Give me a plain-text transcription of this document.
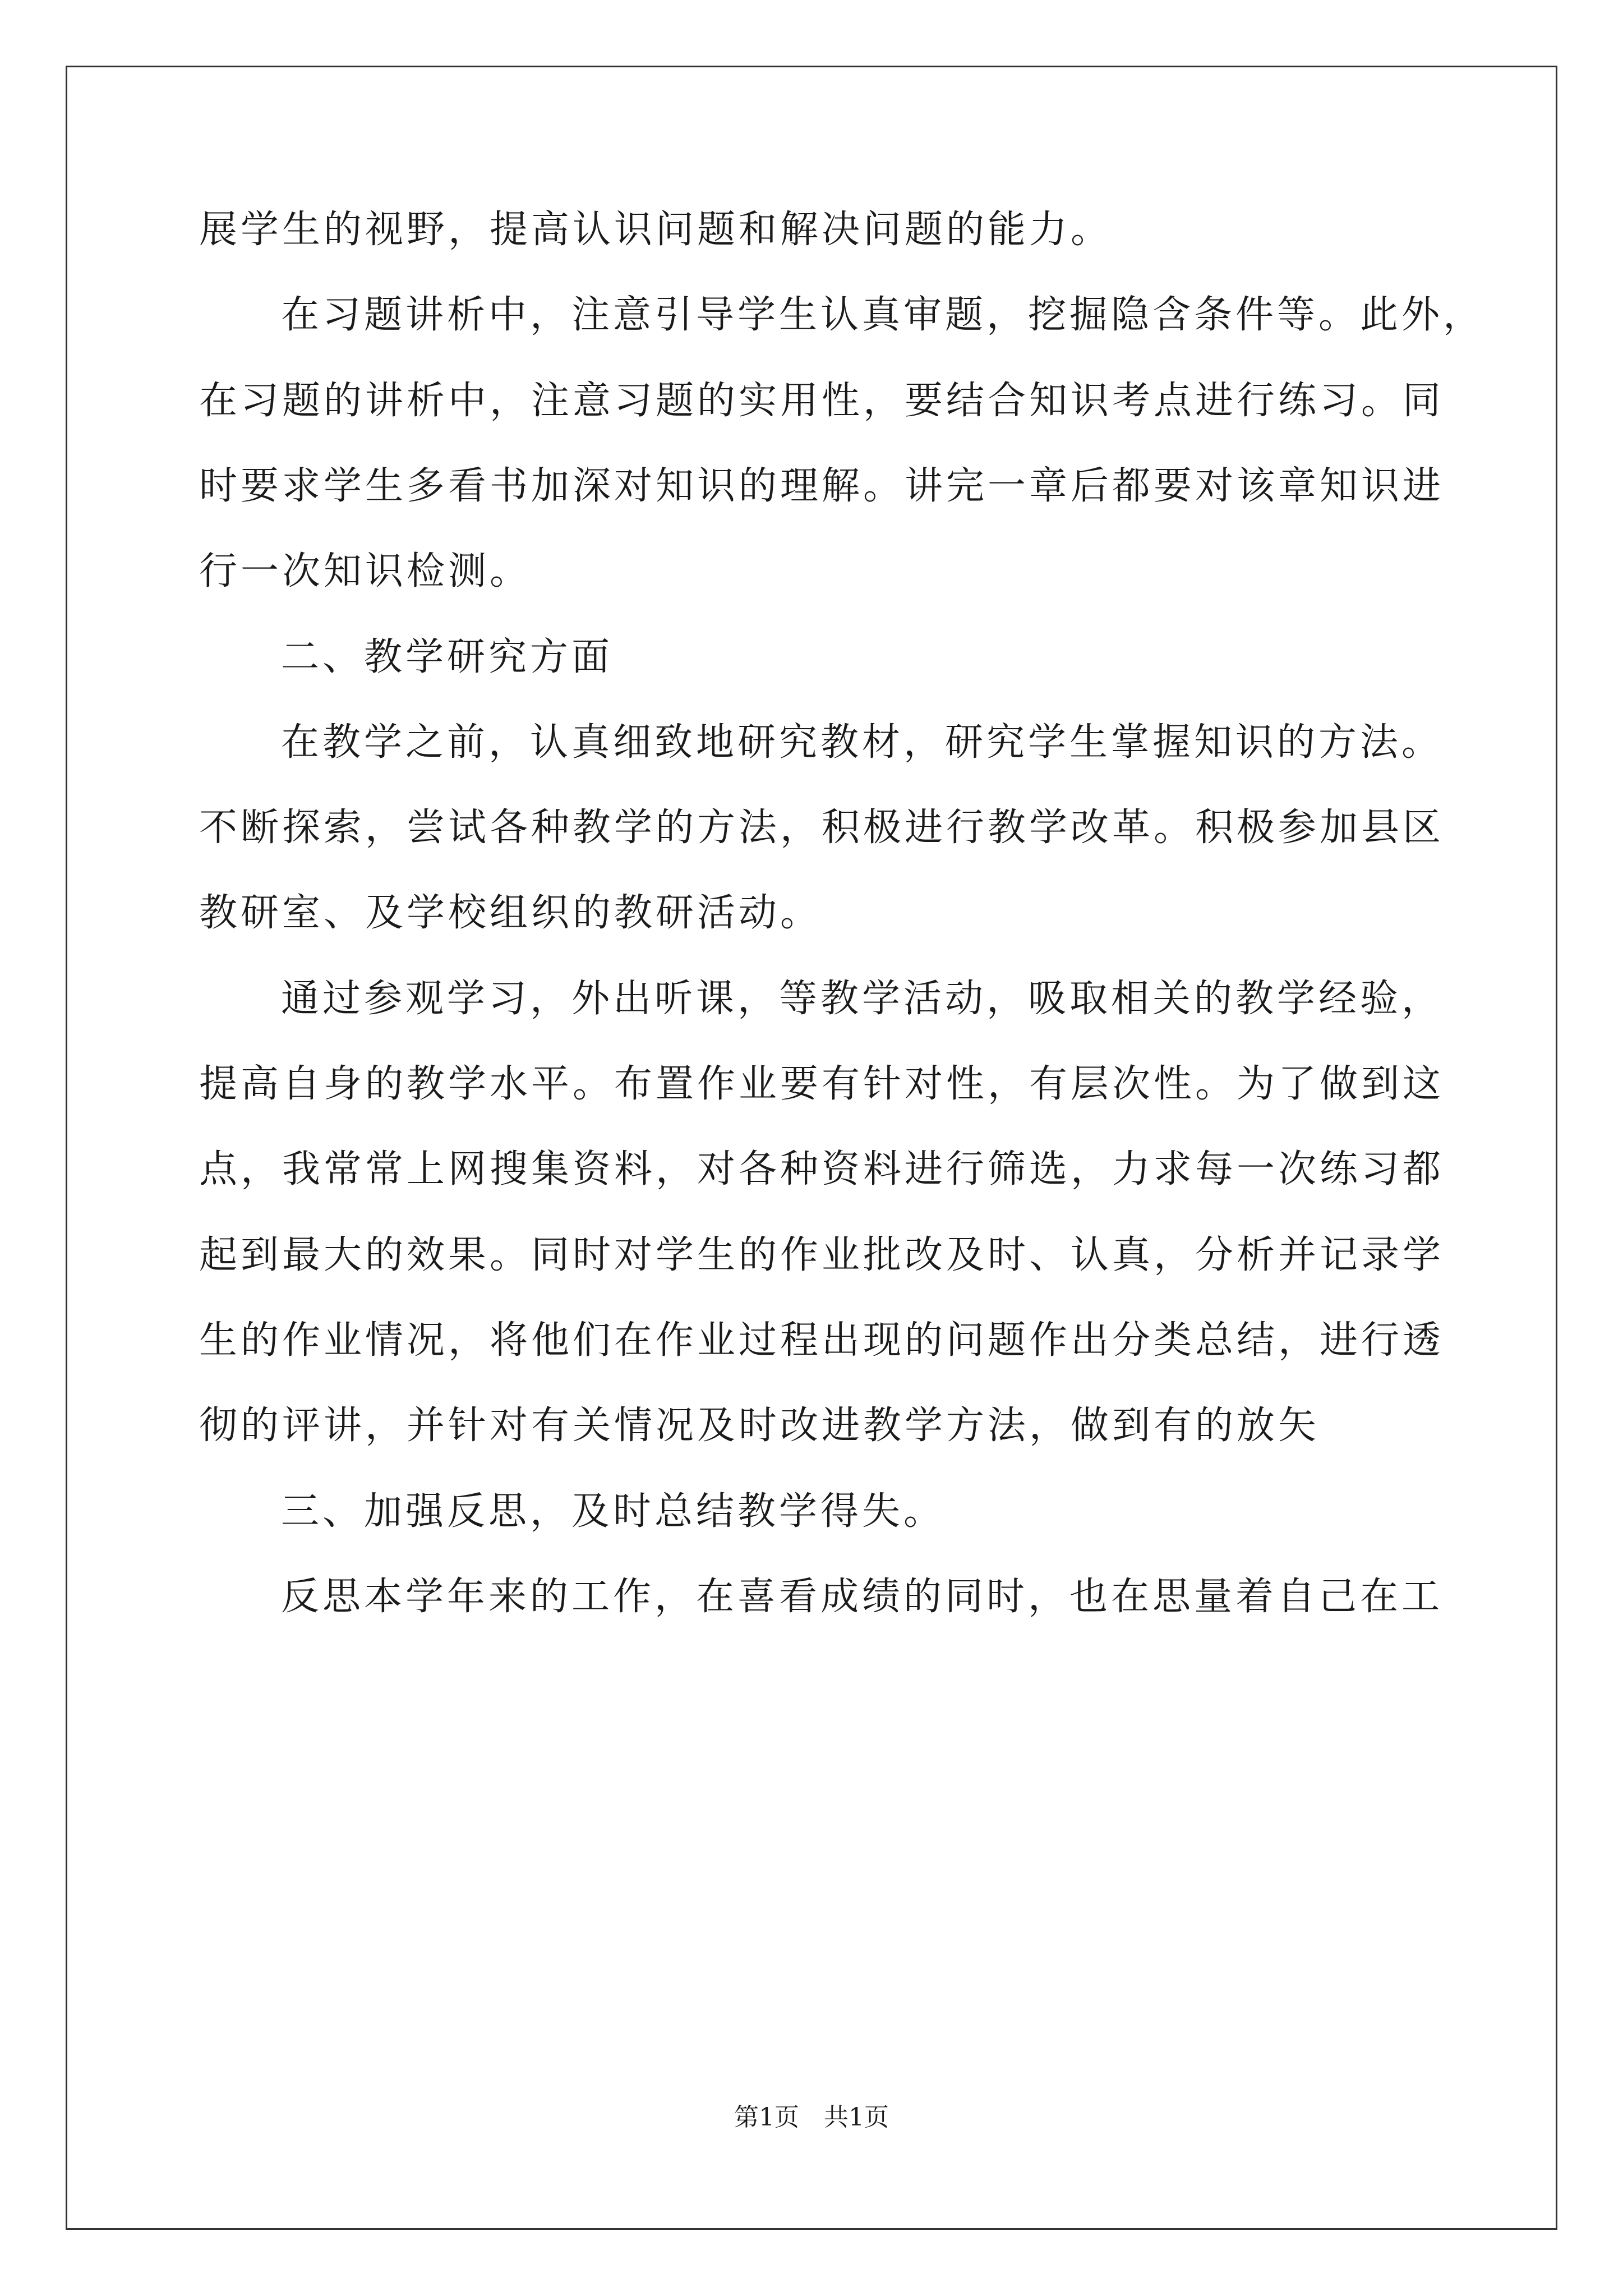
展学生的视野，提高认识问题和解决问题的能力。
在习题讲析中，注意引导学生认真审题，挖掘隐含条件等。此外，
在习题的讲析中，注意习题的实用性，要结合知识考点进行练习。同
时要求学生多看书加深对知识的理解。讲完一章后都要对该章知识进
行一次知识检测。
二、教学研究方面
在教学之前，认真细致地研究教材，研究学生掌握知识的方法。
不断探索，尝试各种教学的方法，积极进行教学改革。积极参加县区
教研室、及学校组织的教研活动。
通过参观学习，外出听课，等教学活动，吸取相关的教学经验，
提高自身的教学水平。布置作业要有针对性，有层次性。为了做到这
点，我常常上网搜集资料，对各种资料进行筛选，力求每一次练习都
起到最大的效果。同时对学生的作业批改及时、认真，分析并记录学
生的作业情况，将他们在作业过程出现的问题作出分类总结，进行透
彻的评讲，并针对有关情况及时改进教学方法，做到有的放矢
三、加强反思，及时总结教学得失。
反思本学年来的工作，在喜看成绩的同时，也在思量着自己在工
第1页　共1页
